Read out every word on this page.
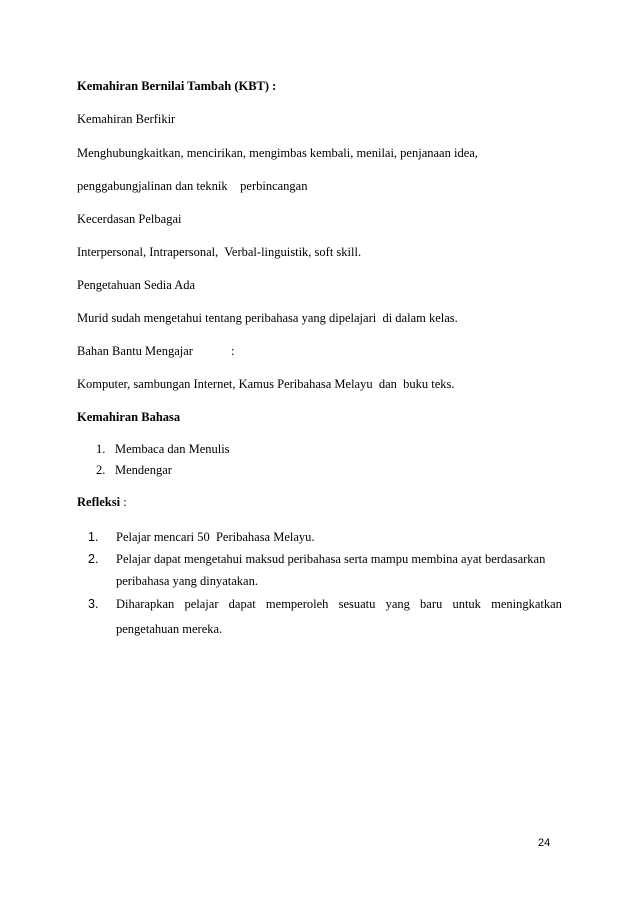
Kemahiran Bernilai Tambah (KBT) :
Kemahiran Berfikir
Menghubungkaitkan, mencirikan, mengimbas kembali, menilai, penjanaan idea,
penggabungjalinan dan teknik    perbincangan
Kecerdasan Pelbagai
Interpersonal, Intrapersonal,  Verbal-linguistik, soft skill.
Pengetahuan Sedia Ada
Murid sudah mengetahui tentang peribahasa yang dipelajari  di dalam kelas.
Bahan Bantu Mengajar	:
Komputer, sambungan Internet, Kamus Peribahasa Melayu  dan  buku teks.
Kemahiran Bahasa
1. Membaca dan Menulis
2. Mendengar
Refleksi :
1. Pelajar mencari 50  Peribahasa Melayu.
2. Pelajar dapat mengetahui maksud peribahasa serta mampu membina ayat berdasarkan
peribahasa yang dinyatakan.
3. Diharapkan pelajar dapat memperoleh sesuatu yang baru untuk meningkatkan
pengetahuan mereka.
24
